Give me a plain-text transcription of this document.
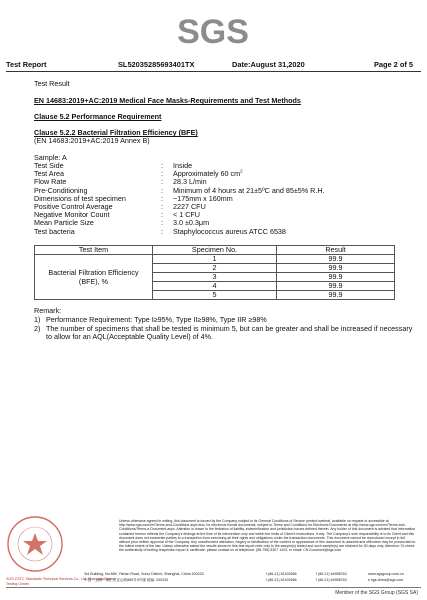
SGS
Test Report	SL52035285693401TX	Date:August 31,2020	Page 2 of 5
Test Result
EN 14683:2019+AC:2019 Medical Face Masks-Requirements and Test Methods
Clause 5.2 Performance Requirement
Clause 5.2.2 Bacterial Filtration Efficiency (BFE)
(EN 14683:2019+AC:2019 Annex B)
Sample: A
Test Side	: Inside
Test Area	: Approximately 60 $cm^2$
Flow Rate	: 28.3 L/min
Pre-Conditioning	: Minimum of 4 hours at 21±5ºC and 85±5% R.H.
Dimensions of test specimen	: ~175mm x 160mm
Positive Control Average	: 2227 CFU
Negative Monitor Count	: < 1 CFU
Mean Particle Size	: 3.0 ±0.3μm
Test bacteria	: Staphylococcus aureus ATCC 6538
Test Item	Specimen No.	Result
Bacterial Filtration Efficiency (BFE), %	1	99.9
	2	99.9
	3	99.9
	4	99.9
	5	99.9
Remark:
1) Performance Requirement: Type I≥95%, Type II≥98%, Type IIR ≥98%
2) The number of specimens that shall be tested is minimum 5, but can be greater and shall be increased if necessary to allow for an AQL(Acceptable Quality Level) of 4%.
SGS-CSTC Standards Technical Services Co., Ltd. Shanghai Branch
Testing Center
Unless otherwise agreed in writing, this document is issued by the Company subject to its General Conditions of Service printed overleaf, available on request or accessible at http://www.sgs.com/en/Terms-and-Conditions.aspx and, for electronic format documents, subject to Terms and Conditions for Electronic Documents at http://www.sgs.com/en/Terms-and-Conditions/Terms-e-Document.aspx. Attention is drawn to the limitation of liability, indemnification and jurisdiction issues defined therein. Any holder of this document is advised that information contained hereon reflects the Company's findings at the time of its intervention only and within the limits of Client's instructions, if any. The Company's sole responsibility is to its Client and this document does not exonerate parties to a transaction from exercising all their rights and obligations under the transaction documents. This document cannot be reproduced except in full, without prior written approval of the Company. Any unauthorized alteration, forgery or falsification of the content or appearance of this document is unlawful and offenders may be prosecuted to the fullest extent of the law. Unless otherwise stated the results shown in this test report refer only to the sample(s) tested and such sample(s) are retained for 30 days only. Attention: To check the authenticity of testing /inspection report & certificate, please contact us at telephone: (86-755) 8307 1443, or email: CN.Doccheck@sgs.com
3rd Building, No.889, Yishan Road, Xuhui District, Shanghai, China 200233
中国・上海・徐汇区宜山路889号3号楼 邮编: 200233
t (86-21) 61402666	f (86-21) 64958763
t (86-21) 61402666	f (86-21) 64958763
www.sgsgroup.com.cn
e sgs.china@sgs.com
Member of the SGS Group (SGS SA)
